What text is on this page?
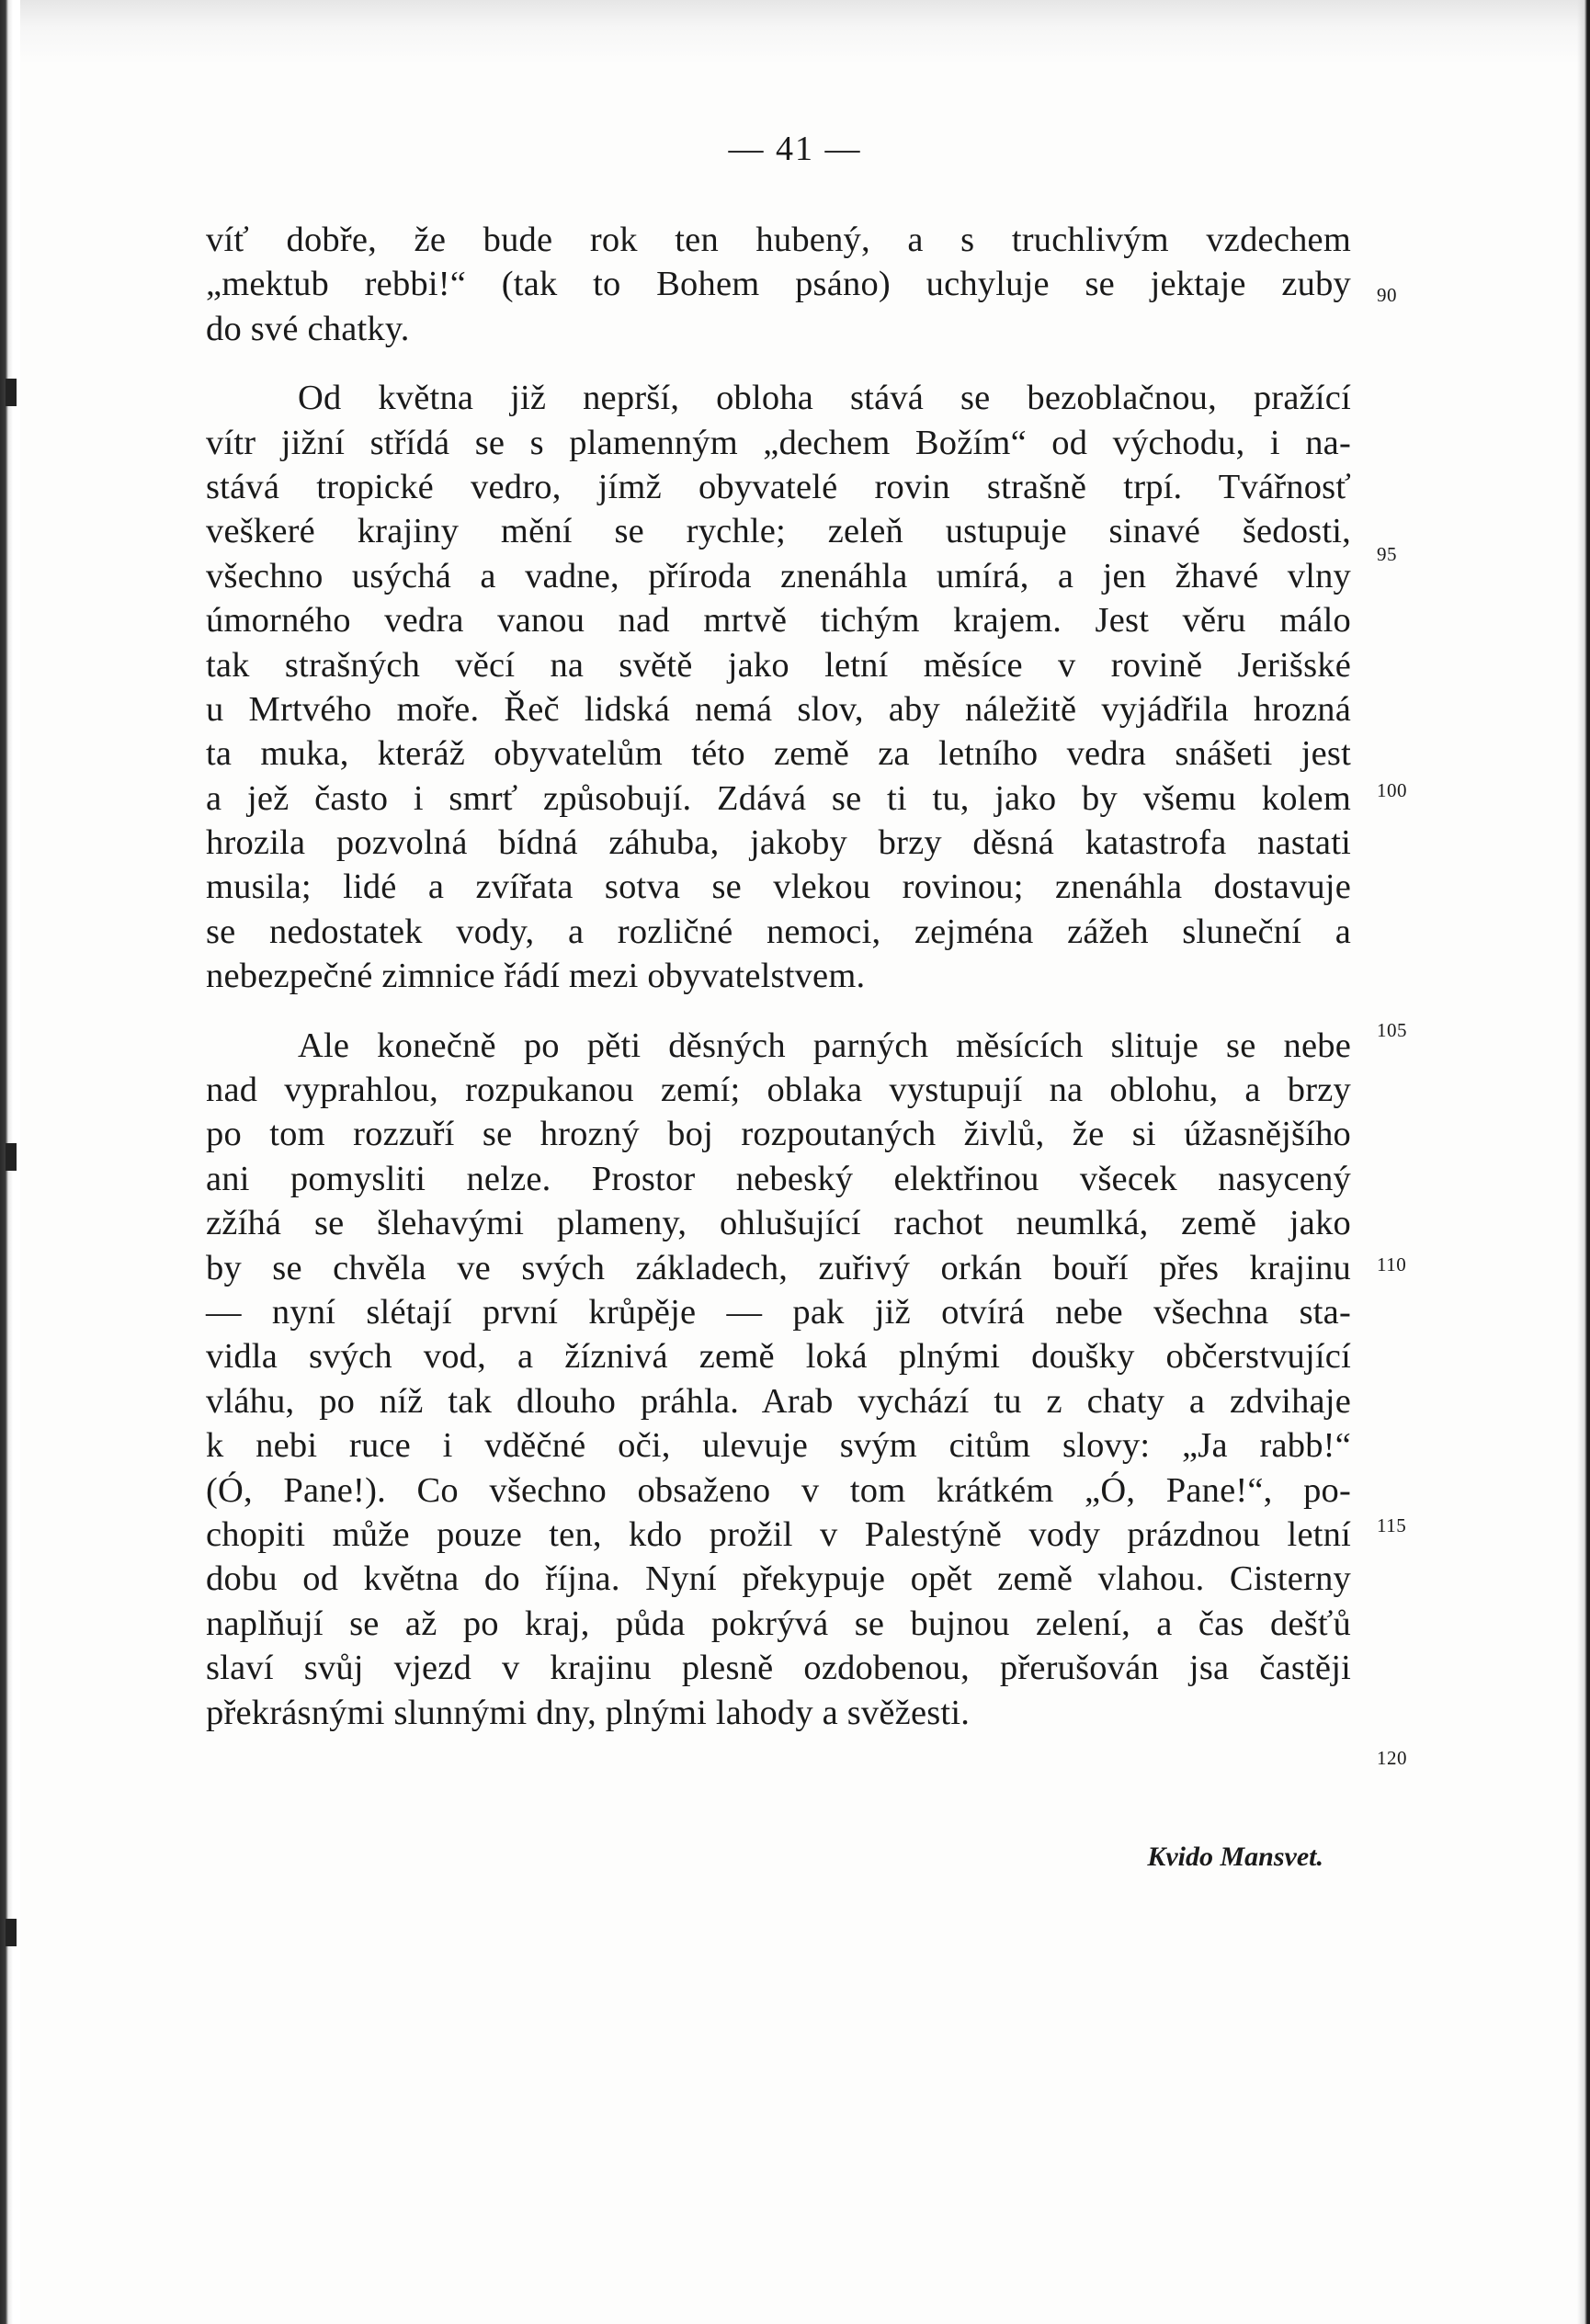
— 41 —
víť dobře, že bude rok ten hubený, a s truchlivým vzdechem
„mektub rebbi!“ (tak to Bohem psáno) uchyluje se jektaje zuby
do své chatky.
Od května již neprší, obloha stává se bezoblačnou, pražící
vítr jižní střídá se s plamenným „dechem Božím“ od východu, i na-
stává tropické vedro, jímž obyvatelé rovin strašně trpí. Tvářnosť
veškeré krajiny mění se rychle; zeleň ustupuje sinavé šedosti,
všechno usýchá a vadne, příroda znenáhla umírá, a jen žhavé vlny
úmorného vedra vanou nad mrtvě tichým krajem. Jest věru málo
tak strašných věcí na světě jako letní měsíce v rovině Jerišské
u Mrtvého moře. Řeč lidská nemá slov, aby náležitě vyjádřila hrozná
ta muka, kteráž obyvatelům této země za letního vedra snášeti jest
a jež často i smrť způsobují. Zdává se ti tu, jako by všemu kolem
hrozila pozvolná bídná záhuba, jakoby brzy děsná katastrofa nastati
musila; lidé a zvířata sotva se vlekou rovinou; znenáhla dostavuje
se nedostatek vody, a rozličné nemoci, zejména zážeh sluneční a
nebezpečné zimnice řádí mezi obyvatelstvem.
Ale konečně po pěti děsných parných měsících slituje se nebe
nad vyprahlou, rozpukanou zemí; oblaka vystupují na oblohu, a brzy
po tom rozzuří se hrozný boj rozpoutaných živlů, že si úžasnějšího
ani pomysliti nelze. Prostor nebeský elektřinou všecek nasycený
zžíhá se šlehavými plameny, ohlušující rachot neumlká, země jako
by se chvěla ve svých základech, zuřivý orkán bouří přes krajinu
— nyní slétají první krůpěje — pak již otvírá nebe všechna sta-
vidla svých vod, a žíznivá země loká plnými doušky občerstvující
vláhu, po níž tak dlouho práhla. Arab vychází tu z chaty a zdvihaje
k nebi ruce i vděčné oči, ulevuje svým citům slovy: „Ja rabb!“
(Ó, Pane!). Co všechno obsaženo v tom krátkém „Ó, Pane!“, po-
chopiti může pouze ten, kdo prožil v Palestýně vody prázdnou letní
dobu od května do října. Nyní překypuje opět země vlahou. Cisterny
naplňují se až po kraj, půda pokrývá se bujnou zelení, a čas dešťů
slaví svůj vjezd v krajinu plesně ozdobenou, přerušován jsa častěji
překrásnými slunnými dny, plnými lahody a svěžesti.
90
95
100
105
110
115
120
Kvido Mansvet.
